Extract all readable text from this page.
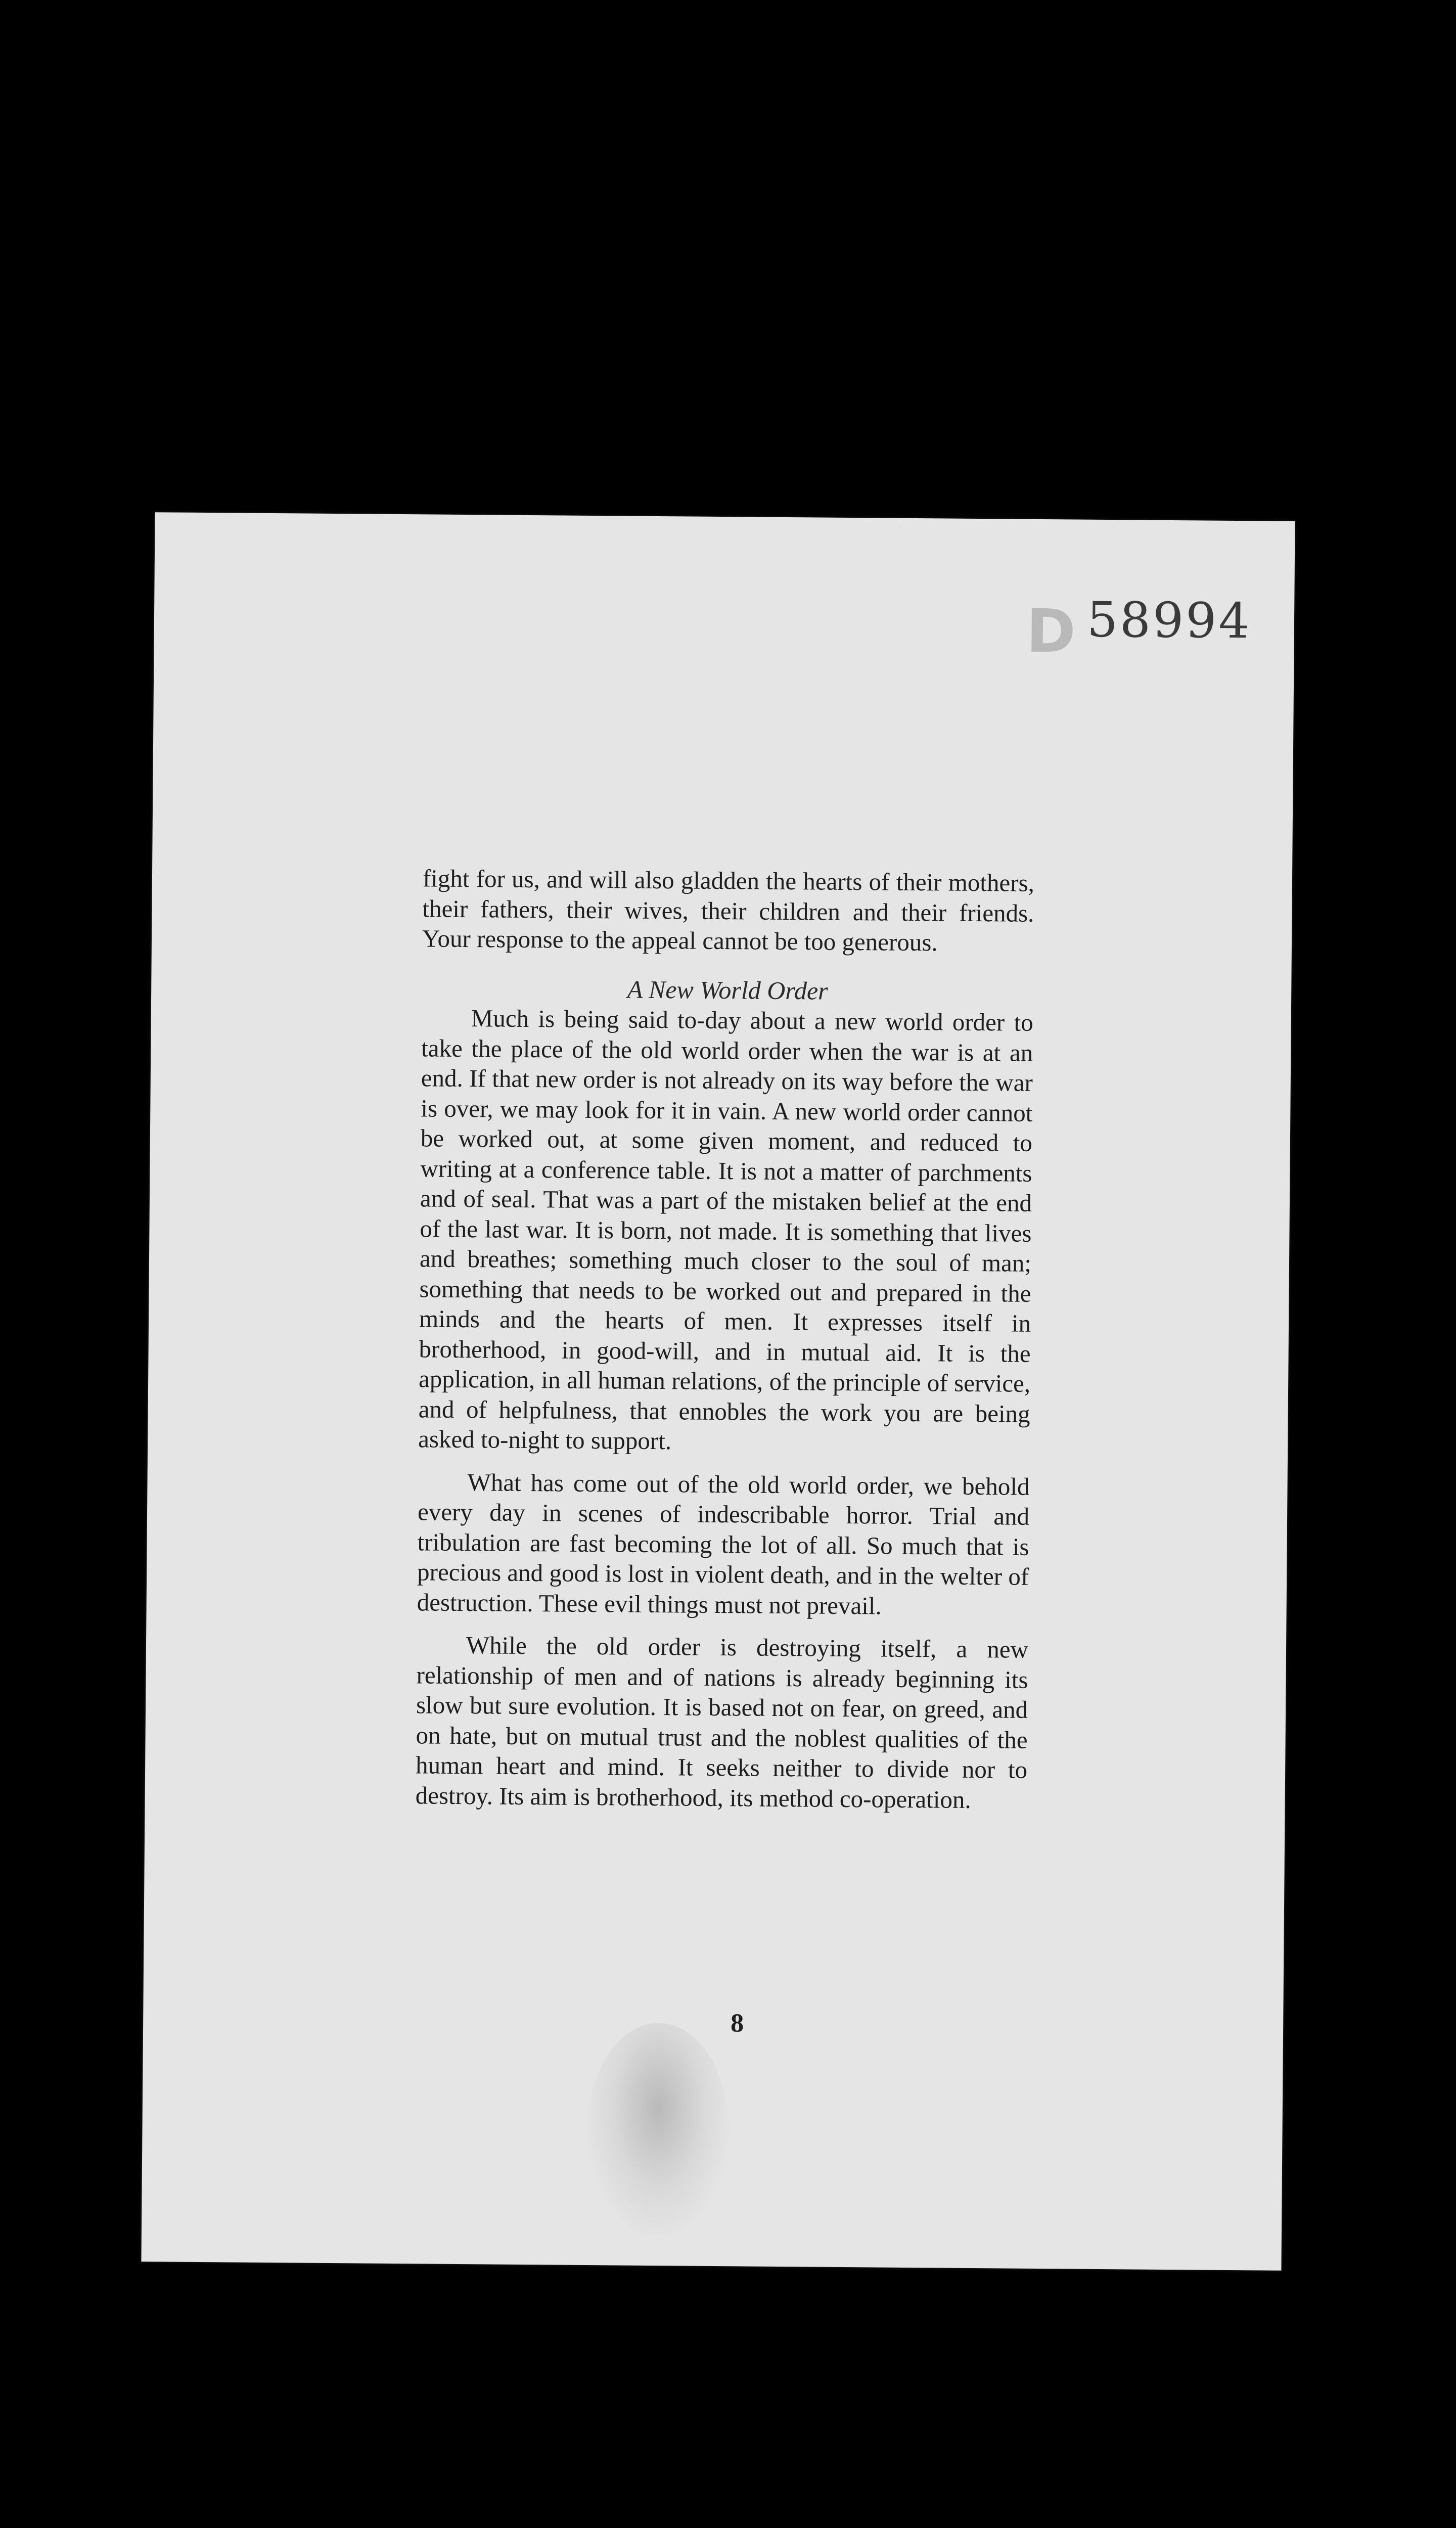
D 58994

fight for us, and will also gladden the hearts of their mothers, their fathers, their wives, their children and their friends. Your response to the appeal cannot be too generous.

A New World Order

Much is being said to-day about a new world order to take the place of the old world order when the war is at an end. If that new order is not already on its way before the war is over, we may look for it in vain. A new world order cannot be worked out, at some given moment, and reduced to writing at a conference table. It is not a matter of parchments and of seal. That was a part of the mistaken belief at the end of the last war. It is born, not made. It is something that lives and breathes; something much closer to the soul of man; something that needs to be worked out and prepared in the minds and the hearts of men. It expresses itself in brotherhood, in good-will, and in mutual aid. It is the application, in all human relations, of the principle of service, and of helpfulness, that ennobles the work you are being asked to-night to support.

What has come out of the old world order, we behold every day in scenes of indescribable horror. Trial and tribulation are fast becoming the lot of all. So much that is precious and good is lost in violent death, and in the welter of destruction. These evil things must not prevail.

While the old order is destroying itself, a new relationship of men and of nations is already beginning its slow but sure evolution. It is based not on fear, on greed, and on hate, but on mutual trust and the noblest qualities of the human heart and mind. It seeks neither to divide nor to destroy. Its aim is brotherhood, its method co-operation.

8
